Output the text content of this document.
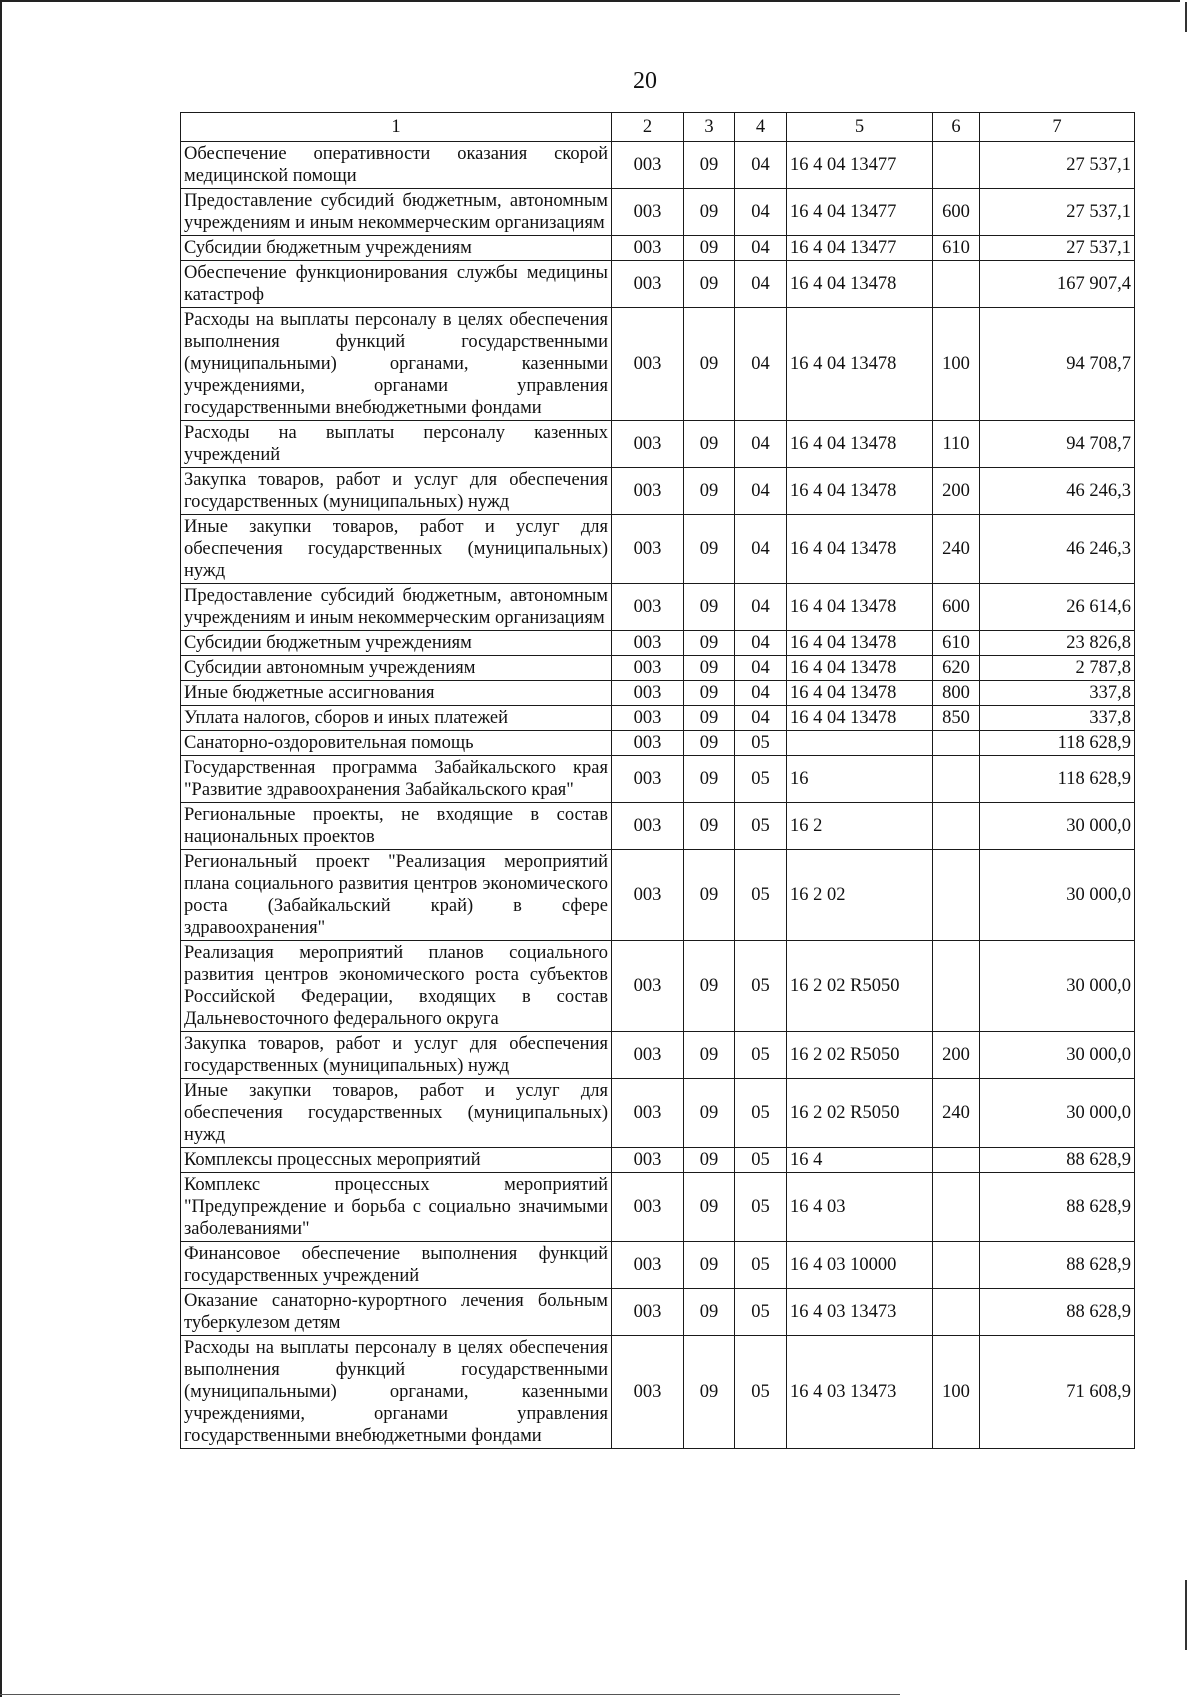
20
1	2	3	4	5	6	7
Обеспечение оперативности оказания скорой медицинской помощи	003	09	04	16 4 04 13477		27 537,1
Предоставление субсидий бюджетным, автономным учреждениям и иным некоммерческим организациям	003	09	04	16 4 04 13477	600	27 537,1
Субсидии бюджетным учреждениям	003	09	04	16 4 04 13477	610	27 537,1
Обеспечение функционирования службы медицины катастроф	003	09	04	16 4 04 13478		167 907,4
Расходы на выплаты персоналу в целях обеспечения выполнения функций государственными (муниципальными) органами, казенными учреждениями, органами управления государственными внебюджетными фондами	003	09	04	16 4 04 13478	100	94 708,7
Расходы на выплаты персоналу казенных учреждений	003	09	04	16 4 04 13478	110	94 708,7
Закупка товаров, работ и услуг для обеспечения государственных (муниципальных) нужд	003	09	04	16 4 04 13478	200	46 246,3
Иные закупки товаров, работ и услуг для обеспечения государственных (муниципальных) нужд	003	09	04	16 4 04 13478	240	46 246,3
Предоставление субсидий бюджетным, автономным учреждениям и иным некоммерческим организациям	003	09	04	16 4 04 13478	600	26 614,6
Субсидии бюджетным учреждениям	003	09	04	16 4 04 13478	610	23 826,8
Субсидии автономным учреждениям	003	09	04	16 4 04 13478	620	2 787,8
Иные бюджетные ассигнования	003	09	04	16 4 04 13478	800	337,8
Уплата налогов, сборов и иных платежей	003	09	04	16 4 04 13478	850	337,8
Санаторно-оздоровительная помощь	003	09	05			118 628,9
Государственная программа Забайкальского края "Развитие здравоохранения Забайкальского края"	003	09	05	16		118 628,9
Региональные проекты, не входящие в состав национальных проектов	003	09	05	16 2		30 000,0
Региональный проект "Реализация мероприятий плана социального развития центров экономического роста (Забайкальский край) в сфере здравоохранения"	003	09	05	16 2 02		30 000,0
Реализация мероприятий планов социального развития центров экономического роста субъектов Российской Федерации, входящих в состав Дальневосточного федерального округа	003	09	05	16 2 02 R5050		30 000,0
Закупка товаров, работ и услуг для обеспечения государственных (муниципальных) нужд	003	09	05	16 2 02 R5050	200	30 000,0
Иные закупки товаров, работ и услуг для обеспечения государственных (муниципальных) нужд	003	09	05	16 2 02 R5050	240	30 000,0
Комплексы процессных мероприятий	003	09	05	16 4		88 628,9
Комплекс процессных мероприятий "Предупреждение и борьба с социально значимыми заболеваниями"	003	09	05	16 4 03		88 628,9
Финансовое обеспечение выполнения функций государственных учреждений	003	09	05	16 4 03 10000		88 628,9
Оказание санаторно-курортного лечения больным туберкулезом детям	003	09	05	16 4 03 13473		88 628,9
Расходы на выплаты персоналу в целях обеспечения выполнения функций государственными (муниципальными) органами, казенными учреждениями, органами управления государственными внебюджетными фондами	003	09	05	16 4 03 13473	100	71 608,9
